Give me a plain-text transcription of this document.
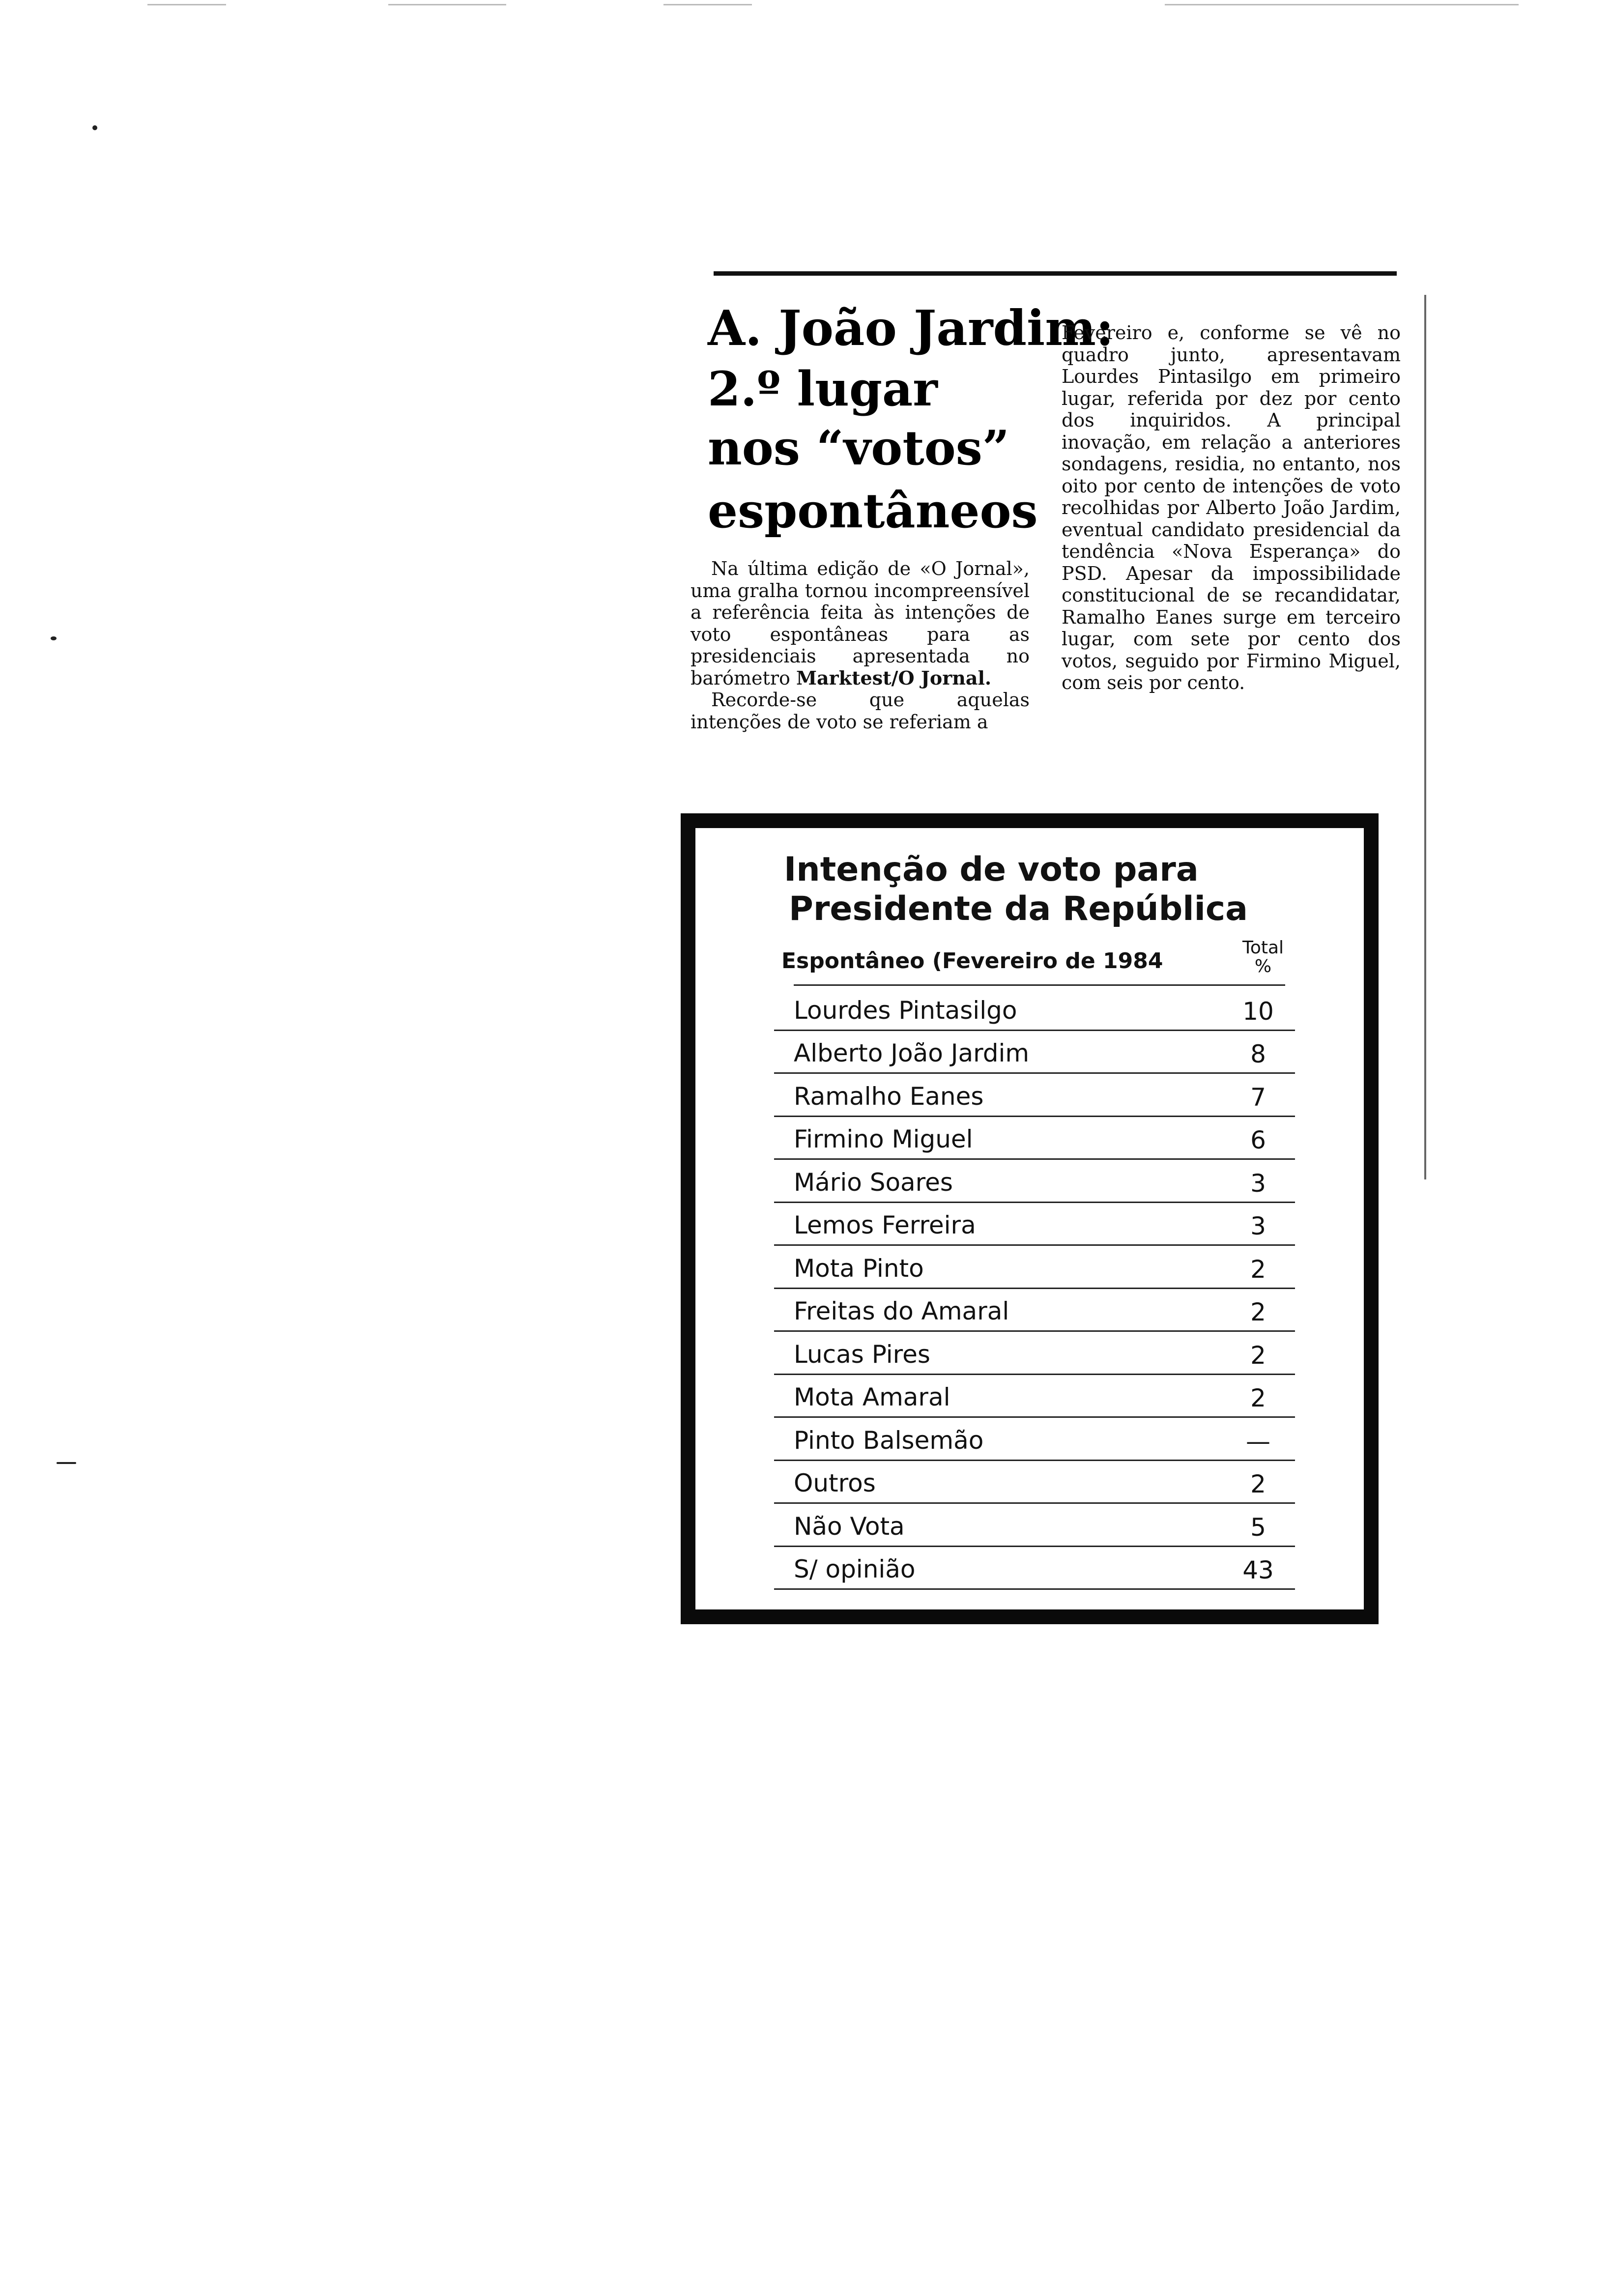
A. João Jardim:
2.º lugar
nos “votos”
espontâneos

Na última edição de «O Jornal», uma gralha tornou incompreensível a referência feita às intenções de voto espontâneas para as presidenciais apresentada no barómetro Marktest/O Jornal.

Recorde-se que aquelas intenções de voto se referiam a

Fevereiro e, conforme se vê no quadro junto, apresentavam Lourdes Pintasilgo em primeiro lugar, referida por dez por cento dos inquiridos. A principal inovação, em relação a anteriores sondagens, residia, no entanto, nos oito por cento de intenções de voto recolhidas por Alberto João Jardim, eventual candidato presidencial da tendência «Nova Esperança» do PSD. Apesar da impossibilidade constitucional de se recandidatar, Ramalho Eanes surge em terceiro lugar, com sete por cento dos votos, seguido por Firmino Miguel, com seis por cento.

Intenção de voto para
Presidente da República
Espontâneo (Fevereiro de 1984
Total
%
Lourdes Pintasilgo	10
Alberto João Jardim	8
Ramalho Eanes	7
Firmino Miguel	6
Mário Soares	3
Lemos Ferreira	3
Mota Pinto	2
Freitas do Amaral	2
Lucas Pires	2
Mota Amaral	2
Pinto Balsemão	—
Outros	2
Não Vota	5
S/ opinião	43
